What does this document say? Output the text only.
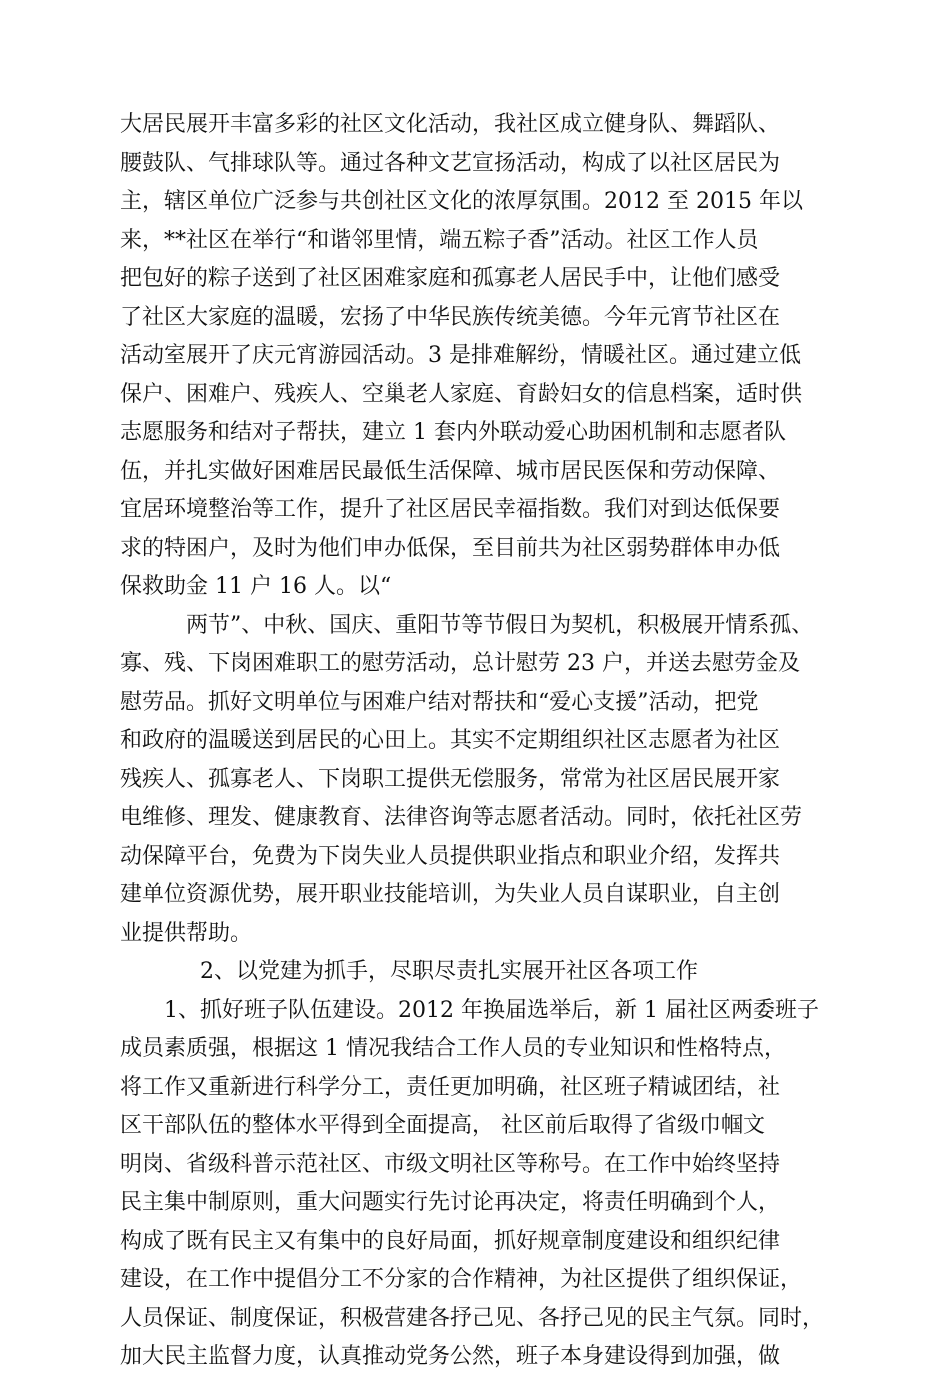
大居民展开丰富多彩的社区文化活动，我社区成立健身队、舞蹈队、
腰鼓队、气排球队等。通过各种文艺宣扬活动，构成了以社区居民为
主，辖区单位广泛参与共创社区文化的浓厚氛围。2012 至 2015 年以
来，**社区在举行“和谐邻里情，端五粽子香”活动。社区工作人员
把包好的粽子送到了社区困难家庭和孤寡老人居民手中，让他们感受
了社区大家庭的温暖，宏扬了中华民族传统美德。今年元宵节社区在
活动室展开了庆元宵游园活动。3 是排难解纷，情暖社区。通过建立低
保户、困难户、残疾人、空巢老人家庭、育龄妇女的信息档案，适时供
志愿服务和结对子帮扶，建立 1 套内外联动爱心助困机制和志愿者队
伍，并扎实做好困难居民最低生活保障、城市居民医保和劳动保障、
宜居环境整治等工作，提升了社区居民幸福指数。我们对到达低保要
求的特困户，及时为他们申办低保，至目前共为社区弱势群体申办低
保救助金 11 户 16 人。以“
两节”、中秋、国庆、重阳节等节假日为契机，积极展开情系孤、
寡、残、下岗困难职工的慰劳活动，总计慰劳 23 户，并送去慰劳金及
慰劳品。抓好文明单位与困难户结对帮扶和“爱心支援”活动，把党
和政府的温暖送到居民的心田上。其实不定期组织社区志愿者为社区
残疾人、孤寡老人、下岗职工提供无偿服务，常常为社区居民展开家
电维修、理发、健康教育、法律咨询等志愿者活动。同时，依托社区劳
动保障平台，免费为下岗失业人员提供职业指点和职业介绍，发挥共
建单位资源优势，展开职业技能培训，为失业人员自谋职业，自主创
业提供帮助。
2、以党建为抓手，尽职尽责扎实展开社区各项工作
1、抓好班子队伍建设。2012 年换届选举后，新 1 届社区两委班子
成员素质强，根据这 1 情况我结合工作人员的专业知识和性格特点，
将工作又重新进行科学分工，责任更加明确，社区班子精诚团结，社
区干部队伍的整体水平得到全面提高， 社区前后取得了省级巾帼文
明岗、省级科普示范社区、市级文明社区等称号。在工作中始终坚持
民主集中制原则，重大问题实行先讨论再决定，将责任明确到个人，
构成了既有民主又有集中的良好局面，抓好规章制度建设和组织纪律
建设，在工作中提倡分工不分家的合作精神，为社区提供了组织保证，
人员保证、制度保证，积极营建各抒己见、各抒己见的民主气氛。同时，
加大民主监督力度，认真推动党务公然，班子本身建设得到加强，做
